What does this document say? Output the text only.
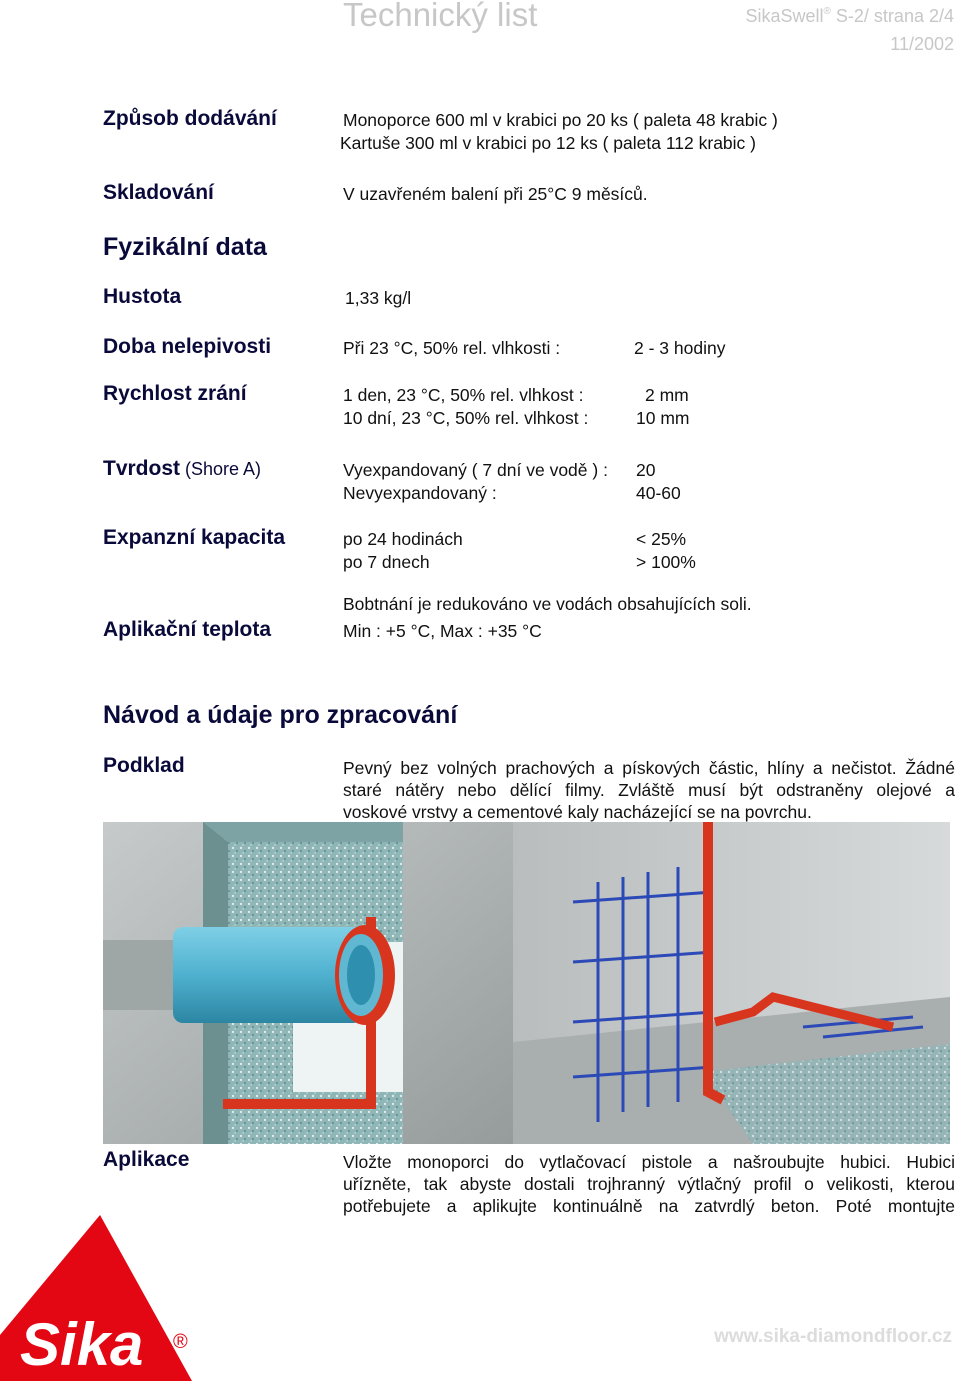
Technický list	SikaSwell® S-2/ strana 2/4
11/2002
Způsob dodávání	Monoporce 600 ml v krabici po 20 ks ( paleta 48 krabic )
Kartuše 300 ml v krabici po 12 ks ( paleta 112 krabic )
Skladování	V uzavřeném balení při 25°C 9 měsíců.
Fyzikální data
Hustota	1,33 kg/l
Doba nelepivosti	Při 23 °C, 50% rel. vlhkosti :	2 - 3 hodiny
Rychlost zrání	1 den, 23 °C, 50% rel. vlhkost :	2 mm
10 dní, 23 °C, 50% rel. vlhkost :	10 mm
Tvrdost (Shore A)	Vyexpandovaný ( 7 dní ve vodě ) : 20
Nevyexpandovaný :	40-60
Expanzní kapacita	po 24 hodinách	< 25%
po 7 dnech	> 100%
Bobtnání je redukováno ve vodách obsahujících soli.
Aplikační teplota	Min : +5 °C, Max : +35 °C
Návod a údaje pro zpracování
Podklad	Pevný bez volných prachových a pískových částic, hlíny a nečistot. Žádné
staré nátěry nebo dělící filmy. Zvláště musí být odstraněny olejové a
voskové vrstvy a cementové kaly nacházející se na povrchu.
Aplikace	Vložte monoporci do vytlačovací pistole a našroubujte hubici. Hubici
uřízněte, tak abyste dostali trojhranný výtlačný profil o velikosti, kterou
potřebujete a aplikujte kontinuálně na zatvrdlý beton. Poté montujte
Sika ®	www.sika-diamondfloor.cz
